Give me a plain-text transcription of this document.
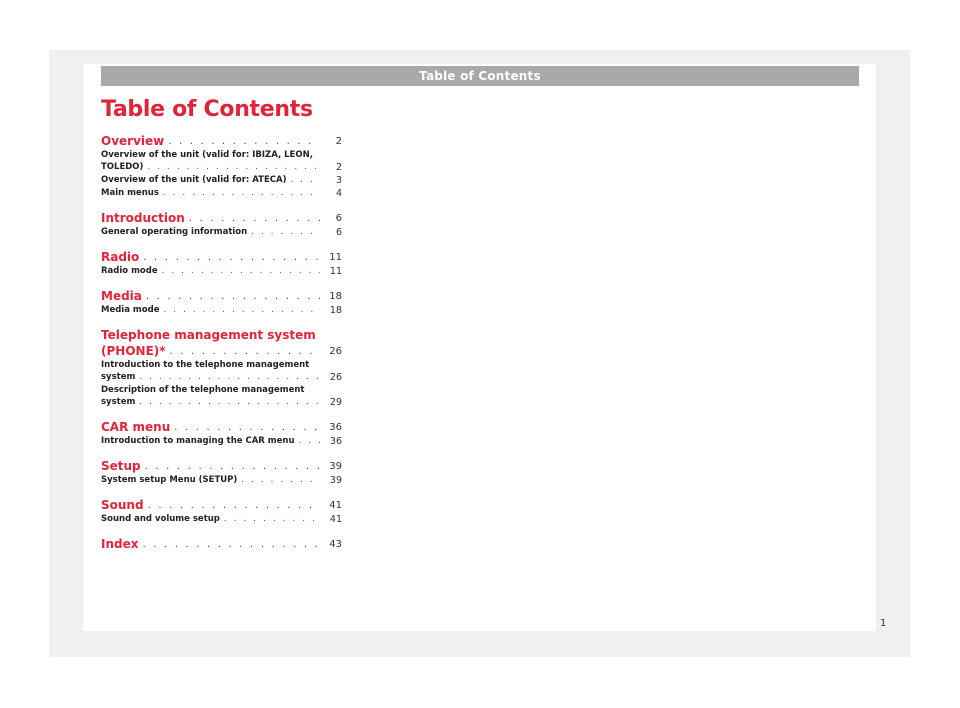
Table of Contents
Table of Contents
Overview . . .	2
Overview of the unit (valid for: IBIZA, LEON,
TOLEDO) . . .	2
Overview of the unit (valid for: ATECA) . . .	3
Main menus . . .	4
Introduction . . .	6
General operating information . . .	6
Radio . . .	11
Radio mode . . .	11
Media . . .	18
Media mode . . .	18
Telephone management system
(PHONE)* . . .	26
Introduction to the telephone management
system . . .	26
Description of the telephone management
system . . .	29
CAR menu . . .	36
Introduction to managing the CAR menu . . .	36
Setup . . .	39
System setup Menu (SETUP) . . .	39
Sound . . .	41
Sound and volume setup . . .	41
Index . . .	43
1
